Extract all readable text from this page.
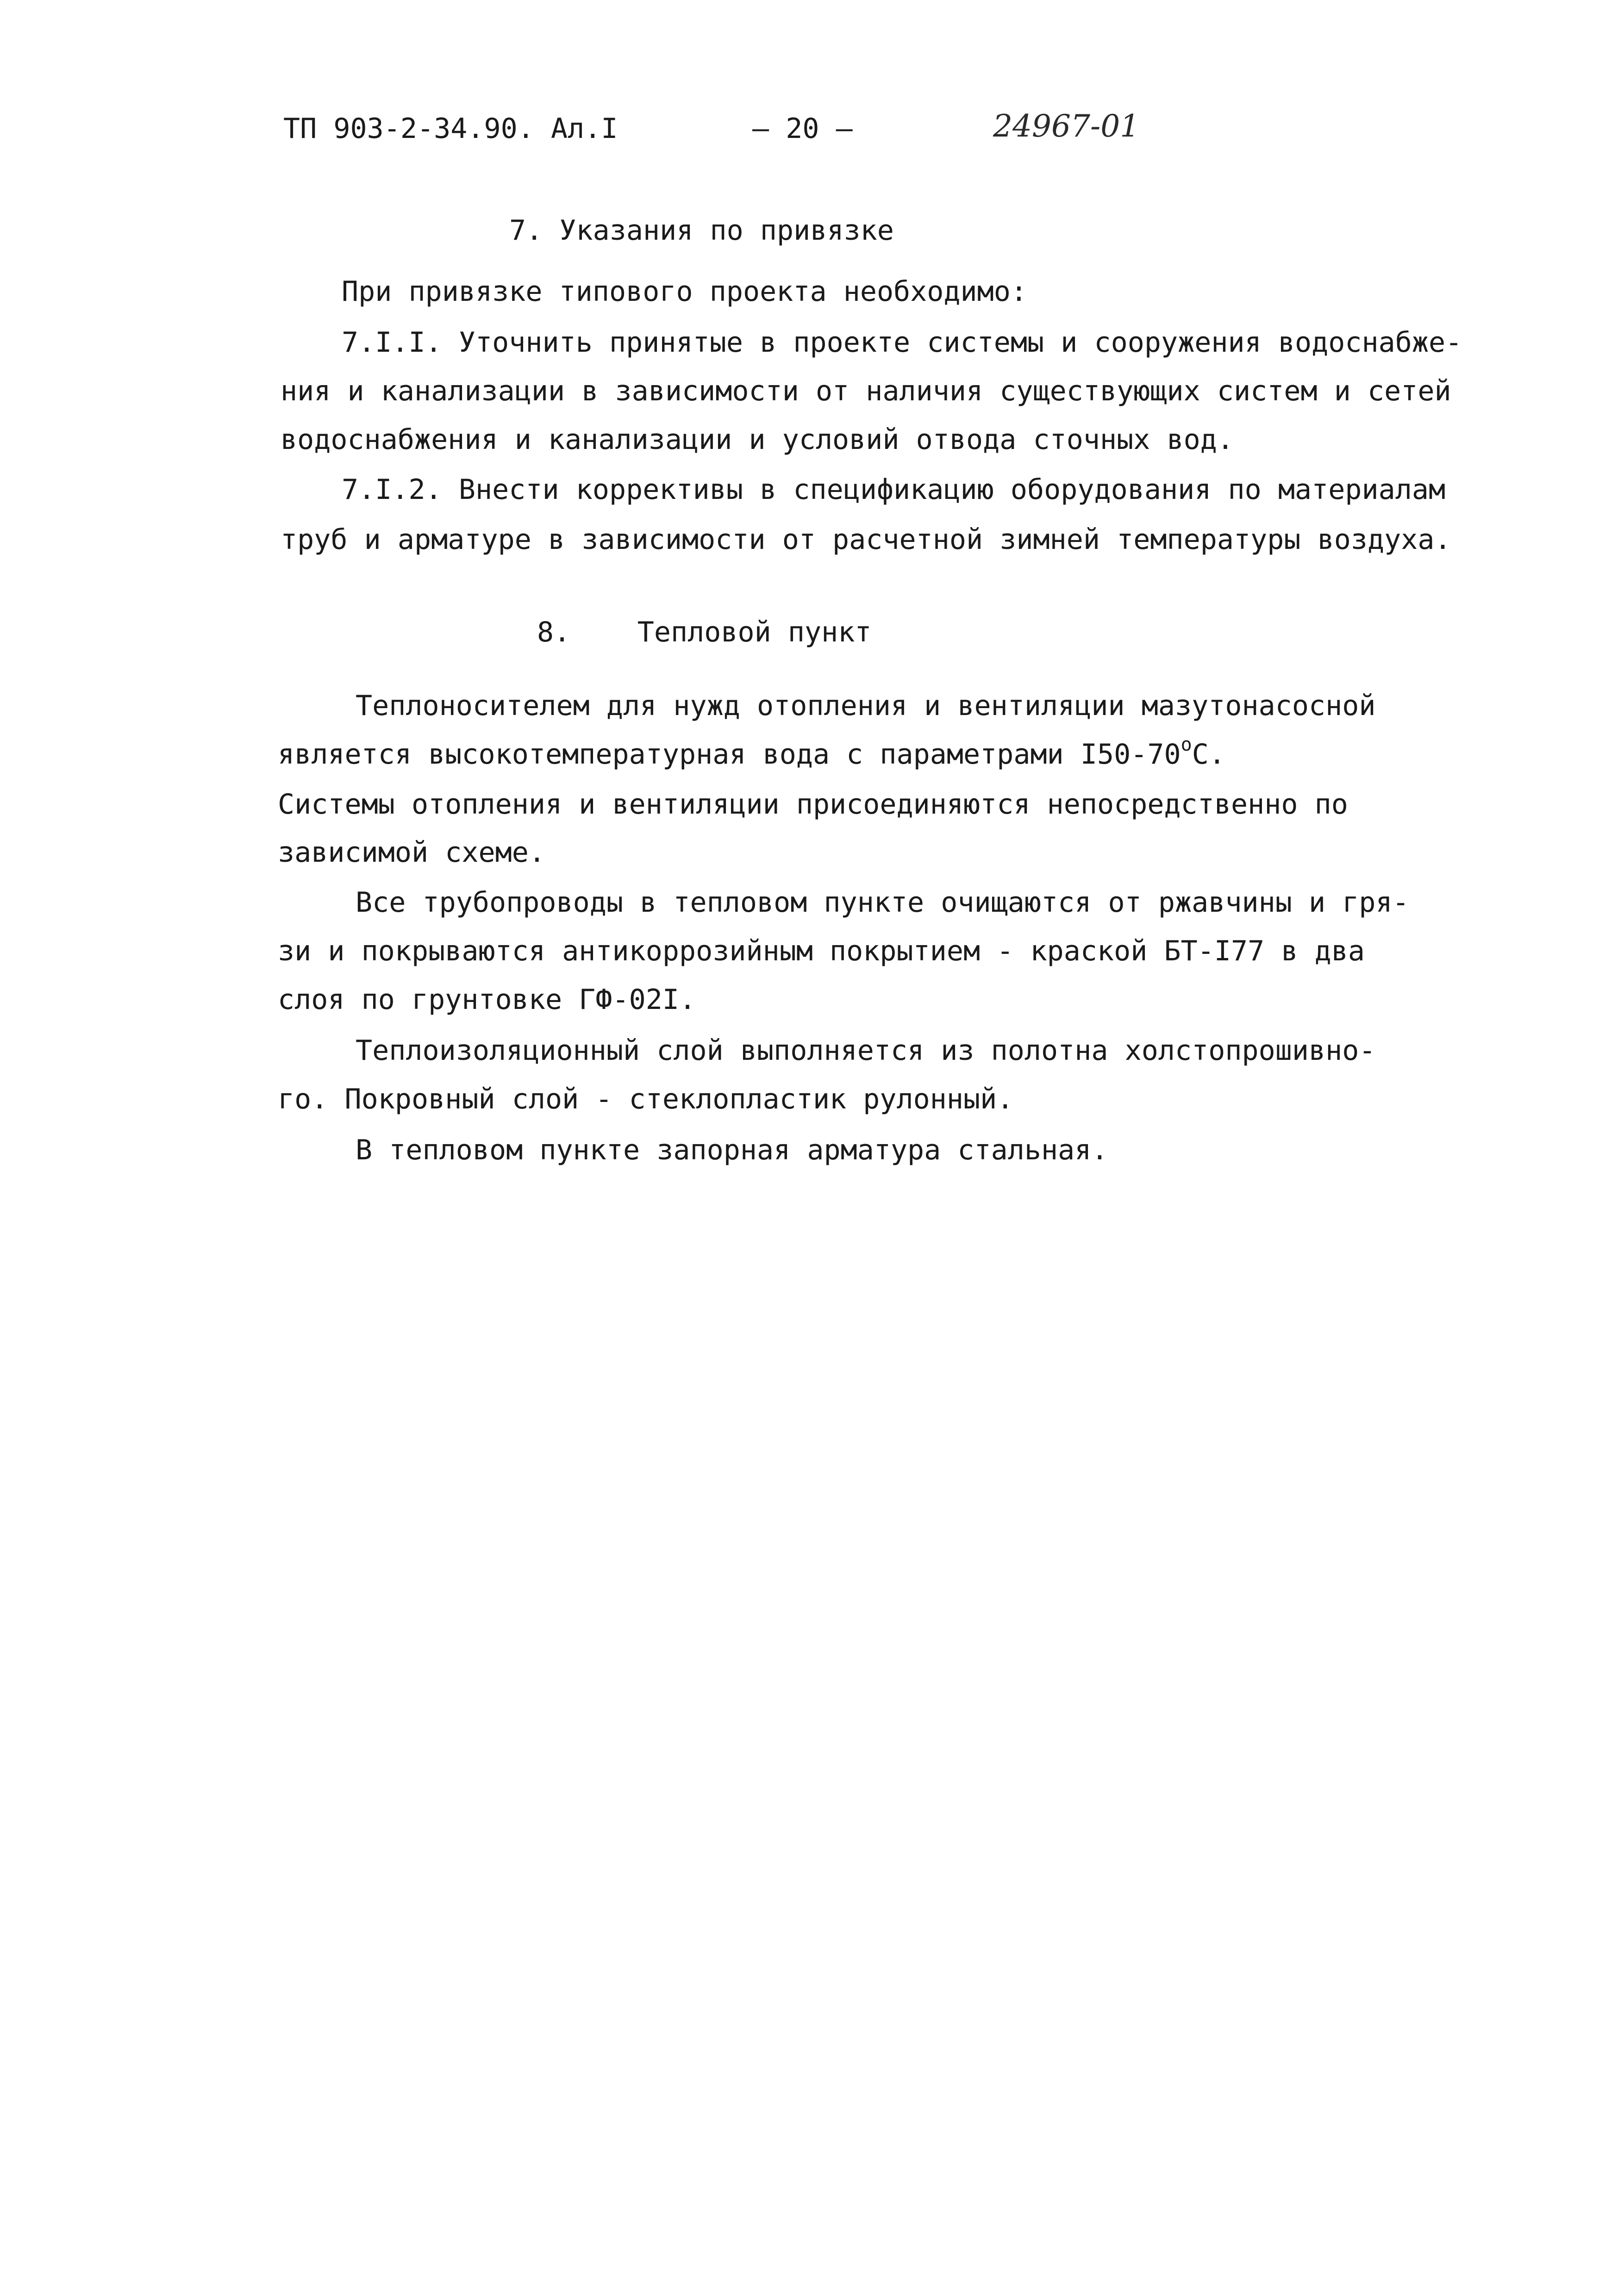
ТП 903-2-34.90. Ал.I	– 20 –	24967-01
7. Указания по привязке
При привязке типового проекта необходимо:
7.I.I. Уточнить принятые в проекте системы и сооружения водоснабже-
ния и канализации в зависимости от наличия существующих систем и сетей
водоснабжения и канализации и условий отвода сточных вод.
7.I.2. Внести коррективы в спецификацию оборудования по материалам
труб и арматуре в зависимости от расчетной зимней температуры воздуха.
8.    Тепловой пункт
Теплоносителем для нужд отопления и вентиляции мазутонасосной
является высокотемпературная вода с параметрами $I50-70^оС$.
Системы отопления и вентиляции присоединяются непосредственно по
зависимой схеме.
Все трубопроводы в тепловом пункте очищаются от ржавчины и гря-
зи и покрываются антикоррозийным покрытием - краской БТ-I77 в два
слоя по грунтовке ГФ-02I.
Теплоизоляционный слой выполняется из полотна холстопрошивно-
го. Покровный слой - стеклопластик рулонный.
В тепловом пункте запорная арматура стальная.
